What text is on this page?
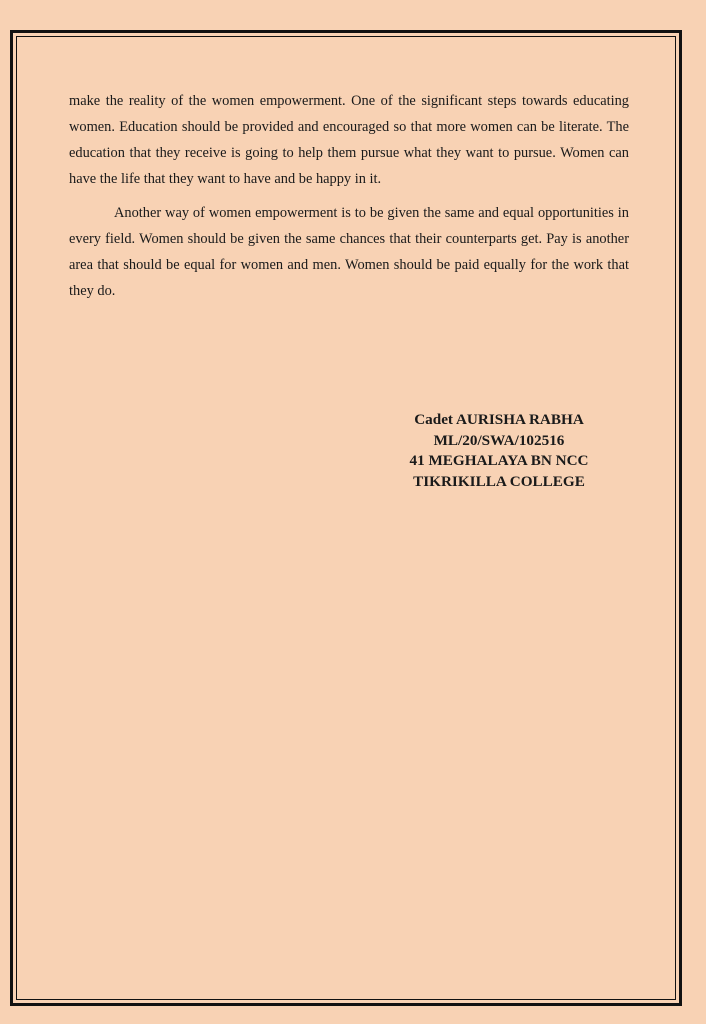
make the reality of the women empowerment. One of the significant steps towards educating women. Education should be provided and encouraged so that more women can be literate. The education that they receive is going to help them pursue what they want to pursue. Women can have the life that they want to have and be happy in it.

Another way of women empowerment is to be given the same and equal opportunities in every field. Women should be given the same chances that their counterparts get. Pay is another area that should be equal for women and men. Women should be paid equally for the work that they do.

Cadet AURISHA RABHA
ML/20/SWA/102516
41 MEGHALAYA BN NCC
TIKRIKILLA COLLEGE
